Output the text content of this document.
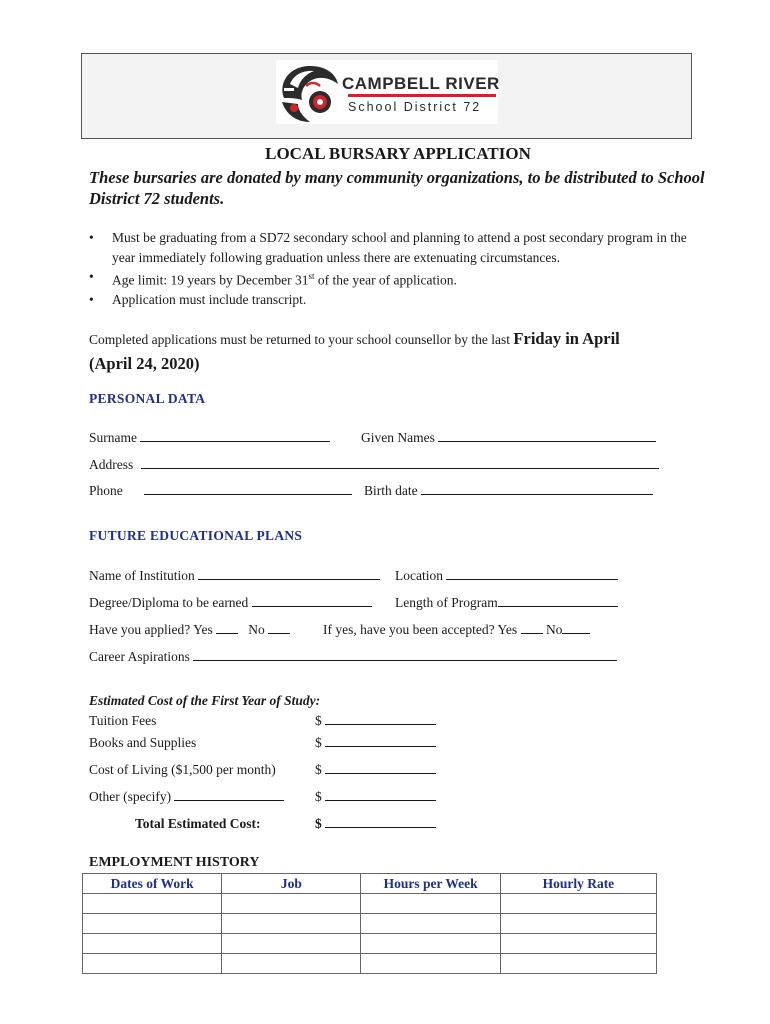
CAMPBELL RIVER
School District 72
LOCAL BURSARY APPLICATION
These bursaries are donated by many community organizations, to be distributed to School District 72 students.
• Must be graduating from a SD72 secondary school and planning to attend a post secondary program in the year immediately following graduation unless there are extenuating circumstances.
• Age limit: 19 years by December 31st of the year of application.
• Application must include transcript.
Completed applications must be returned to your school counsellor by the last Friday in April
(April 24, 2020)
PERSONAL DATA
Surname	Given Names
Address
Phone	Birth date
FUTURE EDUCATIONAL PLANS
Name of Institution	Location
Degree/Diploma to be earned	Length of Program
Have you applied? Yes	No	If yes, have you been accepted? Yes No
Career Aspirations
Estimated Cost of the First Year of Study:
Tuition Fees	$
Books and Supplies	$
Cost of Living ($1,500 per month)	$
Other (specify)	$
Total Estimated Cost:	$
EMPLOYMENT HISTORY
Dates of Work	Job	Hours per Week	Hourly Rate
